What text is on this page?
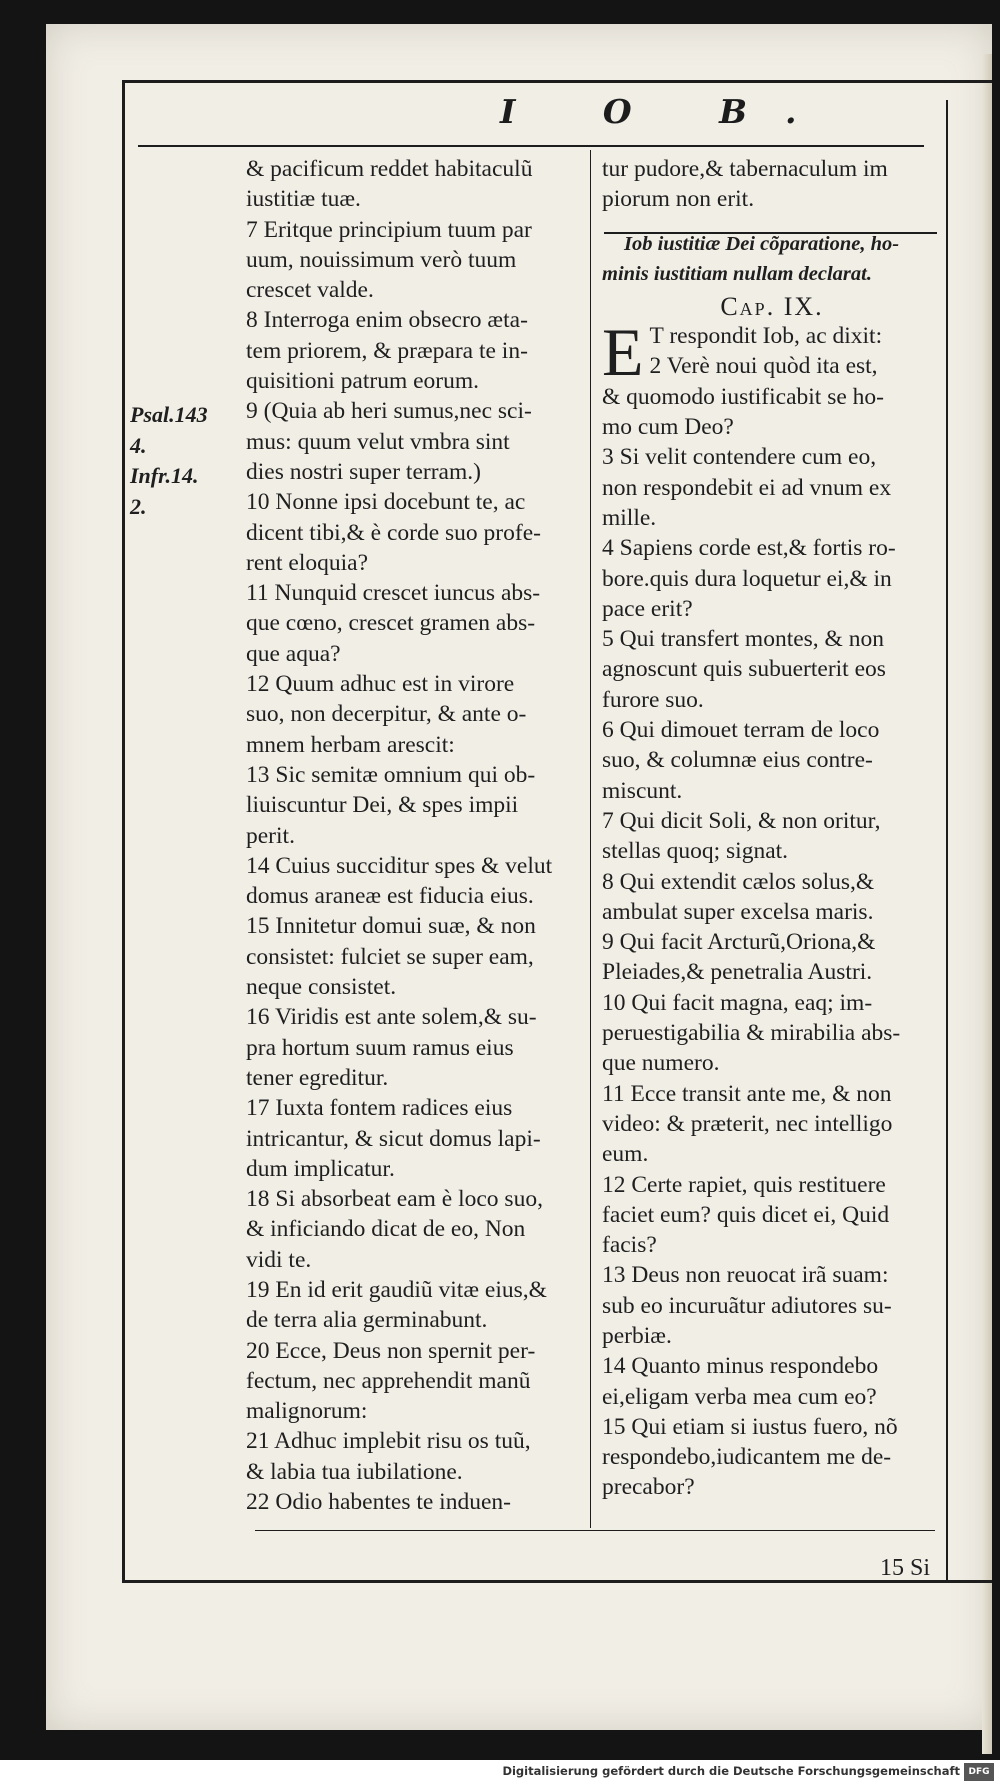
I O B.
Psal.143
4.
Infr.14.
2.
& pacificum reddet habitaculũ
iustitiæ tuæ.
7 Eritque principium tuum par
uum, nouissimum verò tuum
crescet valde.
8 Interroga enim obsecro æta-
tem priorem, & præpara te in-
quisitioni patrum eorum.
9 (Quia ab heri sumus,nec sci-
mus: quum velut vmbra sint
dies nostri super terram.)
10 Nonne ipsi docebunt te, ac
dicent tibi,& è corde suo profe-
rent eloquia?
11 Nunquid crescet iuncus abs-
que cœno, crescet gramen abs-
que aqua?
12 Quum adhuc est in virore
suo, non decerpitur, & ante o-
mnem herbam arescit:
13 Sic semitæ omnium qui ob-
liuiscuntur Dei, & spes impii
perit.
14 Cuius succiditur spes & velut
domus araneæ est fiducia eius.
15 Innitetur domui suæ, & non
consistet: fulciet se super eam,
neque consistet.
16 Viridis est ante solem,& su-
pra hortum suum ramus eius
tener egreditur.
17 Iuxta fontem radices eius
intricantur, & sicut domus lapi-
dum implicatur.
18 Si absorbeat eam è loco suo,
& inficiando dicat de eo, Non
vidi te.
19 En id erit gaudiũ vitæ eius,&
de terra alia germinabunt.
20 Ecce, Deus non spernit per-
fectum, nec apprehendit manũ
malignorum:
21 Adhuc implebit risu os tuũ,
& labia tua iubilatione.
22 Odio habentes te induen-
tur pudore,& tabernaculum im
piorum non erit.
Iob iustitiæ Dei cõparatione, ho-
minis iustitiam nullam declarat.
Cap. IX.
E T respondit Iob, ac dixit:
2 Verè noui quòd ita est,
& quomodo iustificabit se ho-
mo cum Deo?
3 Si velit contendere cum eo,
non respondebit ei ad vnum ex
mille.
4 Sapiens corde est,& fortis ro-
bore.quis dura loquetur ei,& in
pace erit?
5 Qui transfert montes, & non
agnoscunt quis subuerterit eos
furore suo.
6 Qui dimouet terram de loco
suo, & columnæ eius contre-
miscunt.
7 Qui dicit Soli, & non oritur,
stellas quoq; signat.
8 Qui extendit cælos solus,&
ambulat super excelsa maris.
9 Qui facit Arcturũ,Oriona,&
Pleiades,& penetralia Austri.
10 Qui facit magna, eaq; im-
peruestigabilia & mirabilia abs-
que numero.
11 Ecce transit ante me, & non
video: & præterit, nec intelligo
eum.
12 Certe rapiet, quis restituere
faciet eum? quis dicet ei, Quid
facis?
13 Deus non reuocat irã suam:
sub eo incuruãtur adiutores su-
perbiæ.
14 Quanto minus respondebo
ei,eligam verba mea cum eo?
15 Qui etiam si iustus fuero, nõ
respondebo,iudicantem me de-
precabor?
15 Si
Digitalisierung gefördert durch die Deutsche Forschungsgemeinschaft DFG
